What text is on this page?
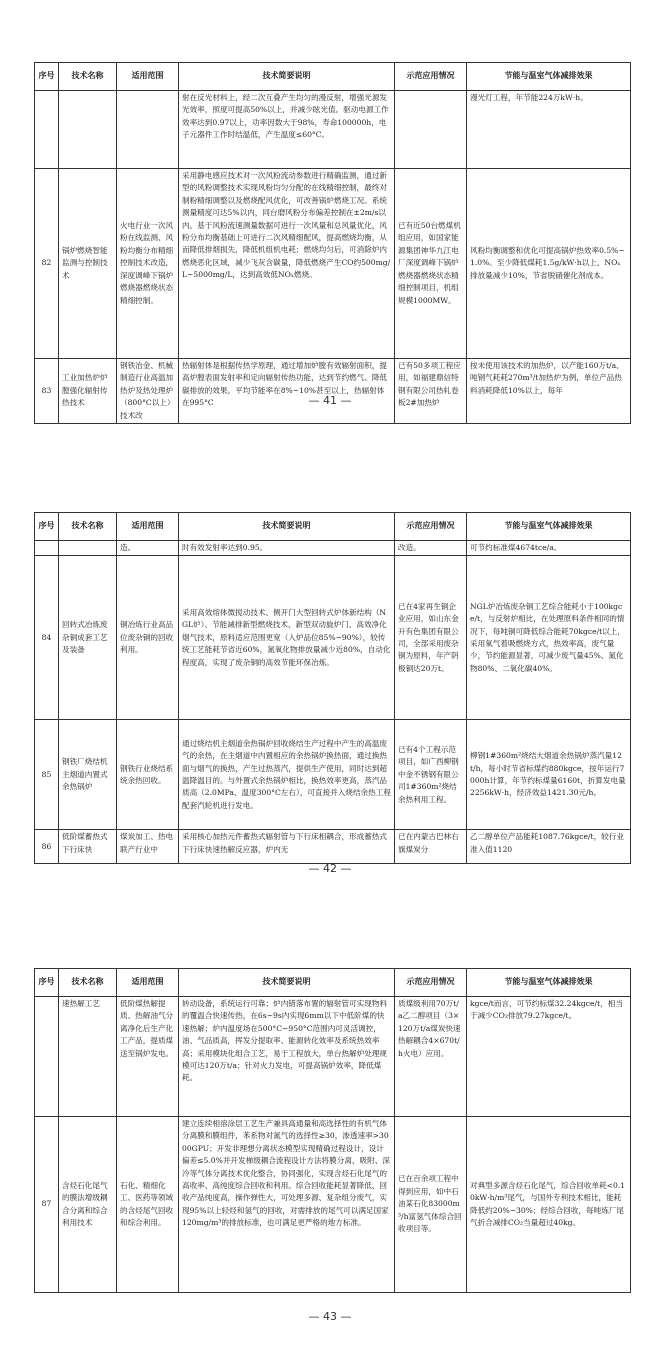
序号	技术名称	适用范围	技术简要说明	示范应用情况	节能与温室气体减排效果
			射在反光材料上，经二次互叠产生均匀的漫反射，增强光源发光效率，照度可提高50%以上，并减少眩光值。驱动电源工作效率达到0.97以上，功率因数大于98%，寿命100000h，电子元器件工作时结温低，产生温度≤60°C。		漫光灯工程，年节能224万kW·h。
82	锅炉燃烧智能监测与控制技术	火电行业一次风粉在线监测、风粉均衡分布精细控制技术改造，深度调峰下锅炉燃烧器燃烧状态精细控制。	采用静电感应技术对一次风粉流动参数进行精确监测，通过新型的风粉调整技术实现风粉均匀分配的在线精细控制，最终对制粉精细调整以及燃烧配风优化，可改善锅炉燃烧工况。系统测量精度可达5%以内，同台磨风粉分布偏差控制在±2m/s以内。基于风粉流速测量数据可进行一次风量和总风量优化，风粉分布均衡基础上可进行二次风精细配风，提高燃烧均衡，从而降低排烟损失，降低机组机电耗；燃烧均匀后，可消除炉内燃烧恶化区域，减少飞灰含碳量，降低燃烧产生CO约500mg/L~5000mg/L，达到高效低NOₓ燃烧。	已有近50台燃煤机组应用，如国家能源集团神华九江电厂深度调峰下锅炉燃烧器燃烧状态精细控制项目，机组规模1000MW。	风粉均衡调整和优化可提高锅炉热效率0.5%~1.0%。至少降低煤耗1.5g/kW·h以上，NOₓ排放量减少10%，节省脱硝催化剂成本。
83	工业加热炉炉膛强化辐射传热技术	钢铁冶金、机械制造行业高温加热炉及热处理炉（800°C以上）技术改	热辐射体是根据传热学原理，通过增加炉膛有效辐射面积，提高炉膛表面发射率和定向辐射传热功能，达到节约燃气、降低碳排放的效果。平均节能率在8%~10%甚至以上，热辐射体在995°C	已有50多项工程应用，如福建鼎信特钢有限公司热轧卷板2#加热炉	按未使用该技术的加热炉，以产能160万t/a、吨钢气耗耗270m³/t加热炉为例，单位产品热料消耗降低10%以上，每年
— 41 —
序号	技术名称	适用范围	技术简要说明	示范应用情况	节能与温室气体减排效果
		造。	时有效发射率达到0.95。	改造。	可节约标准煤4674tce/a。
84	回转式冶炼废杂铜成套工艺及装备	铜冶炼行业高品位废杂铜的回收利用。	采用高效熔体微搅动技术、侧开门大型回转式炉体新结构（NGL炉）、节能减排新型燃烧技术、新型双动旋炉门、高效净化烟气技术，原料适应范围更宽（入炉品位85%~90%），较传统工艺能耗节省近60%，氮氧化物排放量减少近80%，自动化程度高，实现了废杂铜的高效节能环保冶炼。	已在4家再生铜企业应用，如山东金升有色集团有限公司，全部采用废杂铜为原料，年产阴极铜达20万t。	NGL炉冶炼废杂铜工艺综合能耗小于100kgce/t，与反射炉相比，在处理原料条件相同的情况下，每吨铜可降低综合能耗70kgce/t以上，采用氧气着吸燃烧方式，热效率高，废气量少，节约能源显著，可减少废气量45%、氮化物80%、二氧化碳40%。
85	钢铁厂烧结机主烟道内置式余热锅炉	钢铁行业烧结系统余热回收。	通过烧结机主烟道余热锅炉回收烧结生产过程中产生的高温废气的余热，在主烟道中内置相应的余热锅炉换热面，通过换热面与烟气的换热，产生过热蒸汽，提供生产使用，同时达到超温降温目的。与外置式余热锅炉相比，换热效率更高，蒸汽品质高（2.0MPa、温度300°C左右），可直接并入烧结余热工程配套汽轮机进行发电。	已有4个工程示范项目，如广西柳钢中金不锈钢有限公司1#360m²烧结余热利用工程。	柳钢1#360m²烧结大烟道余热锅炉蒸汽量12t/h，每小时节省标煤约880kgce，按年运行7000h计算，年节约标煤量6160t，折算发电量2256kW·h，经济效益1421.30元/h。
86	低阶煤蓄热式下行床快	煤炭加工、热电联产行业中	采用核心加热元件蓄热式辐射管与下行床相耦合，形成蓄热式下行床快速热解反应器，炉内无	已在内蒙古巴林右旗煤炭分	乙二醇单位产品能耗1087.76kgce/t，较行业准入值1120
— 42 —
序号	技术名称	适用范围	技术简要说明	示范应用情况	节能与温室气体减排效果
	速热解工艺	低阶煤热解提质、热解油气分离净化后生产化工产品，提质煤送至锅炉发电。	转动设备，系统运行可靠；炉内错落布置的辐射管可实现物料的覆温合快速传热，在6s~9s内实现6mm以下中低阶煤的快速热解；炉内温度场在500°C~950°C范围内可灵活调控，油、气品质高，挥发分提取率、能源转化效率及系统热效率高；采用模块化组合工艺，易于工程放大，单台热解炉处理规模可达120万t/a；针对火力发电，可提高锅炉效率，降低煤耗。	质煤级利用70万t/a乙二醇项目（3×120万t/a煤炭快速热解耦合4×670t/h火电）应用。	kgce/t而言，可节约标煤32.24kgce/t，相当于减少CO₂排放79.27kgce/t。
87	含烃石化尾气的膜法增级耦合分离和综合利用技术	石化、精细化工、医药等领域的含烃尾气回收和综合利用。	建立连续相溶涂层工艺生产兼具高通量和高选择性的有机气体分离膜和膜组件，苯系物对氮气的选择性≥30，渗透速率>3000GPU；开发非理想分离状态模型实现精确过程设计，设计偏差≤5.0%并开发梯级耦合流程设计方法将膜分离、吸附、深冷等气体分离技术优化整合，协同强化，实现含烃石化尾气的高收率、高纯度综合回收和利用。综合回收能耗显著降低，回收产品纯度高，操作弹性大，可处理多源、复杂组分废气，实现95%以上轻烃和氢气的回收，对需排放的尾气可以满足国家120mg/m³的排放标准，也可满足更严格的地方标准。	已在百余项工程中得到应用，如中石油某石化83000m³/h富氢气体综合回收项目等。	对典型多源含烃石化尾气，综合回收单耗<0.10kW·h/m³尾气，与国外专利技术相比，能耗降低约20%~30%；经综合回收，每吨炼厂尾气折合减排CO₂当量超过40kg。
— 43 —
